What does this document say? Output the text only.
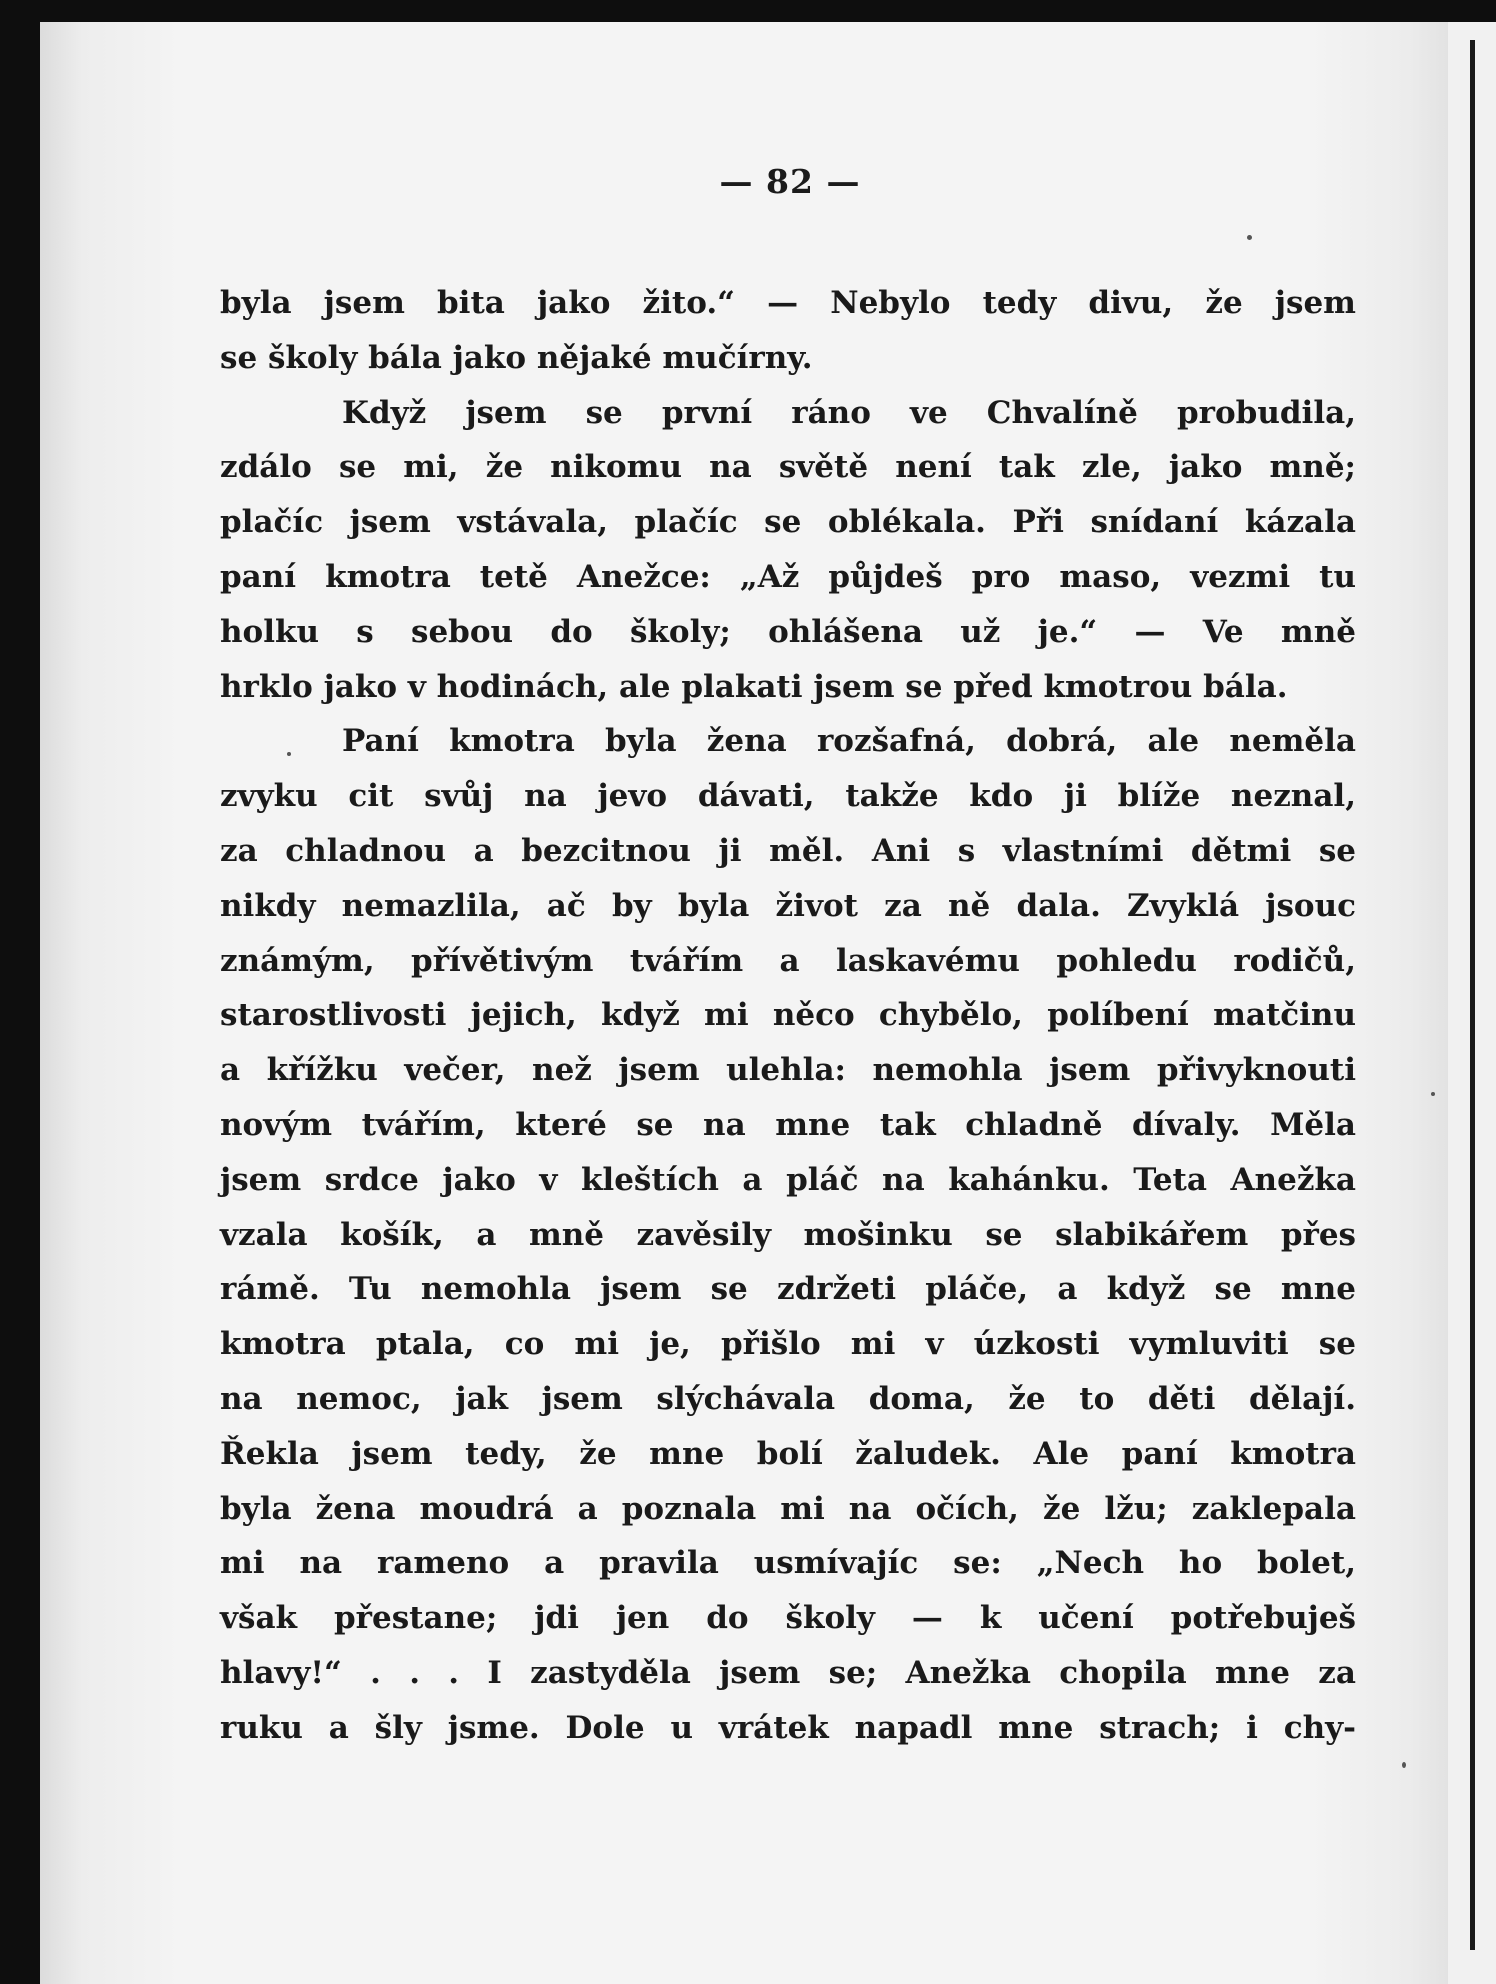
— 82 —
byla jsem bita jako žito.“ — Nebylo tedy divu, že jsem
se školy bála jako nějaké mučírny.
Když jsem se první ráno ve Chvalíně probudila,
zdálo se mi, že nikomu na světě není tak zle, jako mně;
plačíc jsem vstávala, plačíc se oblékala. Při snídaní kázala
paní kmotra tetě Anežce: „Až půjdeš pro maso, vezmi tu
holku s sebou do školy; ohlášena už je.“ — Ve mně
hrklo jako v hodinách, ale plakati jsem se před kmotrou bála.
Paní kmotra byla žena rozšafná, dobrá, ale neměla
zvyku cit svůj na jevo dávati, takže kdo ji blíže neznal,
za chladnou a bezcitnou ji měl. Ani s vlastními dětmi se
nikdy nemazlila, ač by byla život za ně dala. Zvyklá jsouc
známým, přívětivým tvářím a laskavému pohledu rodičů,
starostlivosti jejich, když mi něco chybělo, políbení matčinu
a křížku večer, než jsem ulehla: nemohla jsem přivyknouti
novým tvářím, které se na mne tak chladně dívaly. Měla
jsem srdce jako v kleštích a pláč na kahánku. Teta Anežka
vzala košík, a mně zavěsily mošinku se slabikářem přes
rámě. Tu nemohla jsem se zdržeti pláče, a když se mne
kmotra ptala, co mi je, přišlo mi v úzkosti vymluviti se
na nemoc, jak jsem slýchávala doma, že to děti dělají.
Řekla jsem tedy, že mne bolí žaludek. Ale paní kmotra
byla žena moudrá a poznala mi na očích, že lžu; zaklepala
mi na rameno a pravila usmívajíc se: „Nech ho bolet,
však přestane; jdi jen do školy — k učení potřebuješ
hlavy!“ . . . I zastyděla jsem se; Anežka chopila mne za
ruku a šly jsme. Dole u vrátek napadl mne strach; i chy-
